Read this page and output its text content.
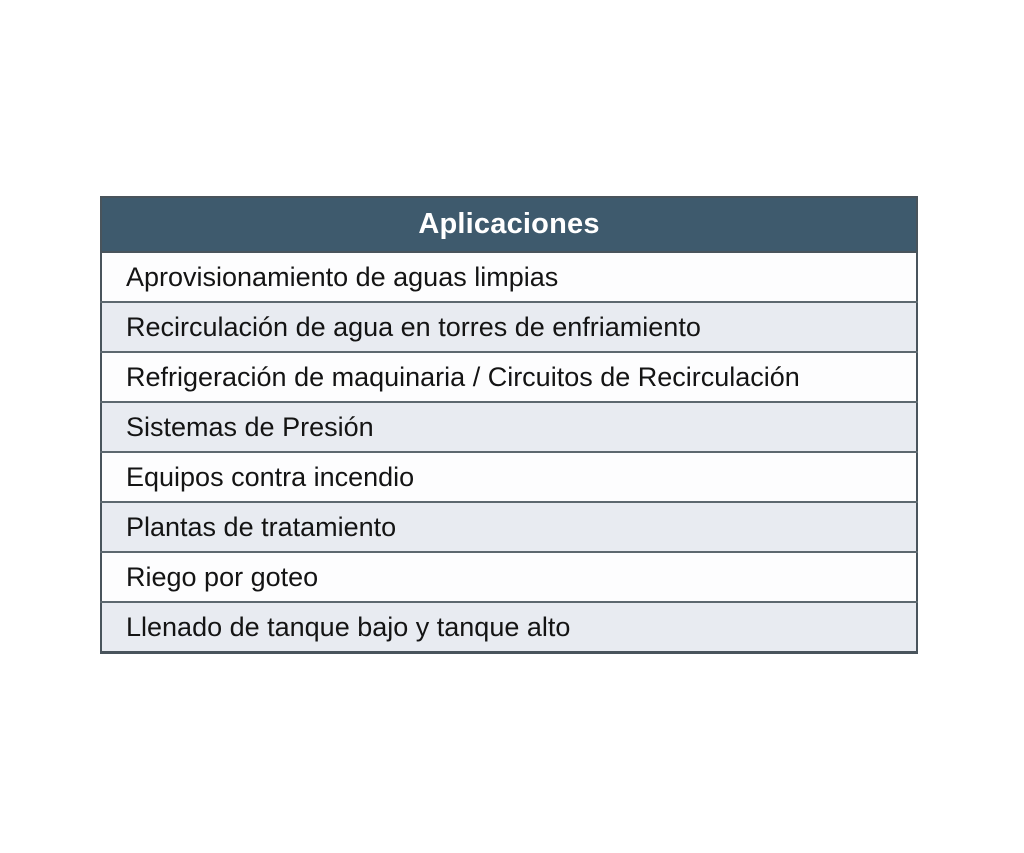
Aplicaciones
Aprovisionamiento de aguas limpias
Recirculación de agua en torres de enfriamiento
Refrigeración de maquinaria / Circuitos de Recirculación
Sistemas de Presión
Equipos contra incendio
Plantas de tratamiento
Riego por goteo
Llenado de tanque bajo y tanque alto
